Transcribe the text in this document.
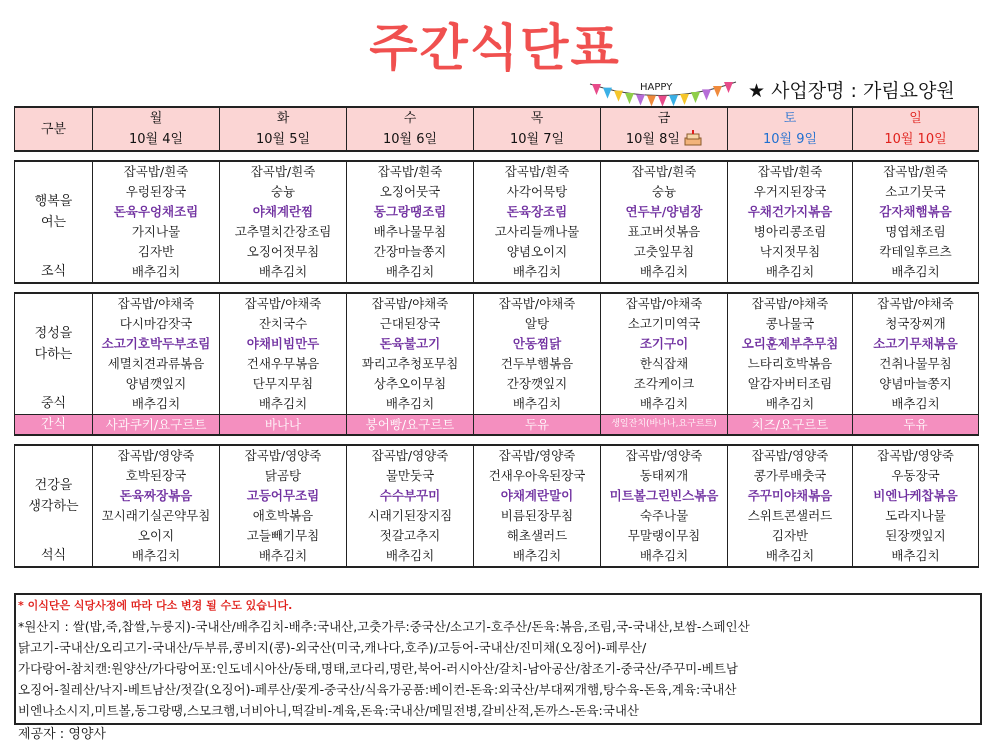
주간식단표
HAPPY	★ 사업장명 : 가림요양원
구분	월	화	수	목	금	토	일
	10월 4일	10월 5일	10월 6일	10월 7일	10월 8일	10월 9일	10월 10일

행복을
여는	잡곡밥/흰죽	잡곡밥/흰죽	잡곡밥/흰죽	잡곡밥/흰죽	잡곡밥/흰죽	잡곡밥/흰죽	잡곡밥/흰죽
	우렁된장국	숭늉	오징어뭇국	사각어묵탕	숭늉	우거지된장국	소고기뭇국
	돈육우엉채조림	야채계란찜	동그랑땡조림	돈육장조림	연두부/양념장	우채건가지볶음	감자채햄볶음
	가지나물	고추멸치간장조림	배추나물무침	고사리들깨나물	표고버섯볶음	병아리콩조림	명엽채조림
	김자반	오징어젓무침	간장마늘쫑지	양념오이지	고춧잎무침	낙지젓무침	칵테일후르츠
조식	배추김치	배추김치	배추김치	배추김치	배추김치	배추김치	배추김치

정성을
다하는	잡곡밥/야채죽	잡곡밥/야채죽	잡곡밥/야채죽	잡곡밥/야채죽	잡곡밥/야채죽	잡곡밥/야채죽	잡곡밥/야채죽
	다시마감잣국	잔치국수	근대된장국	알탕	소고기미역국	콩나물국	청국장찌개
	소고기호박두부조림	야채비빔만두	돈육불고기	안동찜닭	조기구이	오리훈제부추무침	소고기무채볶음
	세멸치견과류볶음	건새우무볶음	꽈리고추청포무침	건두부햄볶음	한식잡채	느타리호박볶음	건취나물무침
	양념깻잎지	단무지무침	상추오이무침	간장깻잎지	조각케이크	알감자버터조림	양념마늘쫑지
중식	배추김치	배추김치	배추김치	배추김치	배추김치	배추김치	배추김치
간식	사과쿠키/요구르트	바나나	붕어빵/요구르트	두유	생일잔치(바나나,요구르트)	치즈/요구르트	두유

건강을
생각하는	잡곡밥/영양죽	잡곡밥/영양죽	잡곡밥/영양죽	잡곡밥/영양죽	잡곡밥/영양죽	잡곡밥/영양죽	잡곡밥/영양죽
	호박된장국	닭곰탕	물만둣국	건새우아욱된장국	동태찌개	콩가루배춧국	우동장국
	돈육짜장볶음	고등어무조림	수수부꾸미	야채계란말이	미트볼그린빈스볶음	주꾸미야채볶음	비엔나케찹볶음
	꼬시래기실곤약무침	애호박볶음	시래기된장지짐	비름된장무침	숙주나물	스위트콘샐러드	도라지나물
	오이지	고들빼기무침	젓갈고추지	해초샐러드	무말랭이무침	김자반	된장깻잎지
석식	배추김치	배추김치	배추김치	배추김치	배추김치	배추김치	배추김치
* 이식단은 식당사정에 따라 다소 변경 될 수도 있습니다.
*원산지 : 쌀(밥,죽,찹쌀,누룽지)-국내산/배추김치-배추:국내산,고춧가루:중국산/소고기-호주산/돈육:볶음,조림,국-국내산,보쌈-스페인산
닭고기-국내산/오리고기-국내산/두부류,콩비지(콩)-외국산(미국,캐나다,호주)/고등어-국내산/진미채(오징어)-페루산/
가다랑어-참치캔:원양산/가다랑어포:인도네시아산/동태,명태,코다리,명란,북어-러시아산/갈치-남아공산/참조기-중국산/주꾸미-베트남
오징어-칠레산/낙지-베트남산/젓갈(오징어)-페루산/꽃게-중국산/식육가공품:베이컨-돈육:외국산/부대찌개햄,탕수육-돈육,계육:국내산
비엔나소시지,미트볼,동그랑땡,스모크햄,너비아니,떡갈비-계육,돈육:국내산/메밀전병,갈비산적,돈까스-돈육:국내산
제공자 : 영양사
